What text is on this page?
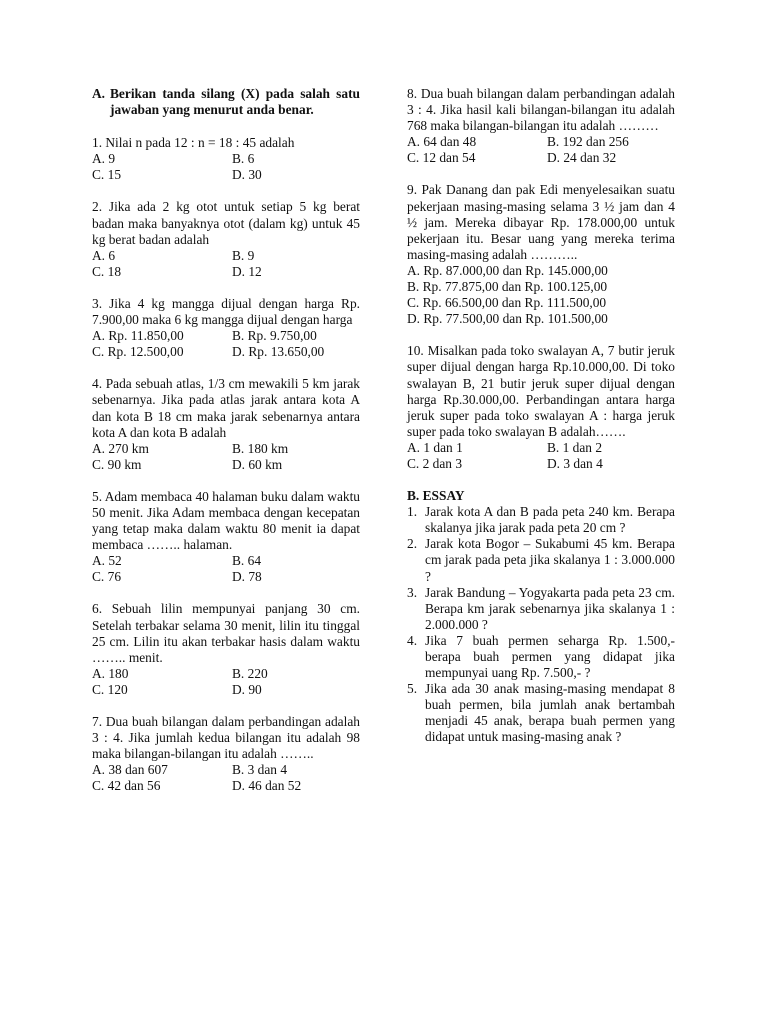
A. Berikan tanda silang (X) pada salah satu jawaban yang menurut anda benar.

1. Nilai n pada 12 : n = 18 : 45 adalah

A. 9	B. 6
C. 15	D. 30

2. Jika ada 2 kg otot untuk setiap 5 kg berat badan maka banyaknya otot (dalam kg) untuk 45 kg berat badan adalah

A. 6	B. 9
C. 18	D. 12

3. Jika 4 kg mangga dijual dengan harga Rp. 7.900,00 maka 6 kg mangga dijual dengan harga

A. Rp. 11.850,00	B. Rp. 9.750,00
C. Rp. 12.500,00	D. Rp. 13.650,00

4. Pada sebuah atlas, 1/3 cm mewakili 5 km jarak sebenarnya. Jika pada atlas jarak antara kota A dan kota B 18 cm maka jarak sebenarnya antara kota A dan kota B adalah

A. 270 km	B. 180 km
C. 90 km	D. 60 km

5. Adam membaca 40 halaman buku dalam waktu 50 menit. Jika Adam membaca dengan kecepatan yang tetap maka dalam waktu 80 menit ia dapat membaca …….. halaman.

A. 52	B. 64
C. 76	D. 78

6. Sebuah lilin mempunyai panjang 30 cm. Setelah terbakar selama 30 menit, lilin itu tinggal 25 cm. Lilin itu akan terbakar hasis dalam waktu …….. menit.

A. 180	B. 220
C. 120	D. 90

7. Dua buah bilangan dalam perbandingan adalah 3 : 4. Jika jumlah kedua bilangan itu adalah 98 maka bilangan-bilangan itu adalah ……..

A. 38 dan 607	B. 3 dan 4
C. 42 dan 56	D. 46 dan 52

8. Dua buah bilangan dalam perbandingan adalah 3 : 4. Jika hasil kali bilangan-bilangan itu adalah 768 maka bilangan-bilangan itu adalah ………

A. 64 dan 48	B. 192 dan 256
C. 12 dan 54	D. 24 dan 32

9. Pak Danang dan pak Edi menyelesaikan suatu pekerjaan masing-masing selama 3 ½ jam dan 4 ½ jam. Mereka dibayar Rp. 178.000,00 untuk pekerjaan itu. Besar uang yang mereka terima masing-masing adalah ………..

A. Rp. 87.000,00 dan Rp. 145.000,00
B. Rp. 77.875,00 dan Rp. 100.125,00
C. Rp. 66.500,00 dan Rp. 111.500,00
D. Rp. 77.500,00 dan Rp. 101.500,00

10. Misalkan pada toko swalayan A, 7 butir jeruk super dijual dengan harga Rp.10.000,00. Di toko swalayan B, 21 butir jeruk super dijual dengan harga Rp.30.000,00. Perbandingan antara harga jeruk super pada toko swalayan A : harga jeruk super pada toko swalayan B adalah…….

A. 1 dan 1	B. 1 dan 2
C. 2 dan 3	D. 3 dan 4

B. ESSAY

1. Jarak kota A dan B pada peta 240 km. Berapa skalanya jika jarak pada peta 20 cm ?
2. Jarak kota Bogor – Sukabumi 45 km. Berapa cm jarak pada peta jika skalanya 1 : 3.000.000 ?
3. Jarak Bandung – Yogyakarta pada peta 23 cm. Berapa km jarak sebenarnya jika skalanya 1 : 2.000.000 ?
4. Jika 7 buah permen seharga Rp. 1.500,- berapa buah permen yang didapat jika mempunyai uang Rp. 7.500,- ?
5. Jika ada 30 anak masing-masing mendapat 8 buah permen, bila jumlah anak bertambah menjadi 45 anak, berapa buah permen yang didapat untuk masing-masing anak ?
